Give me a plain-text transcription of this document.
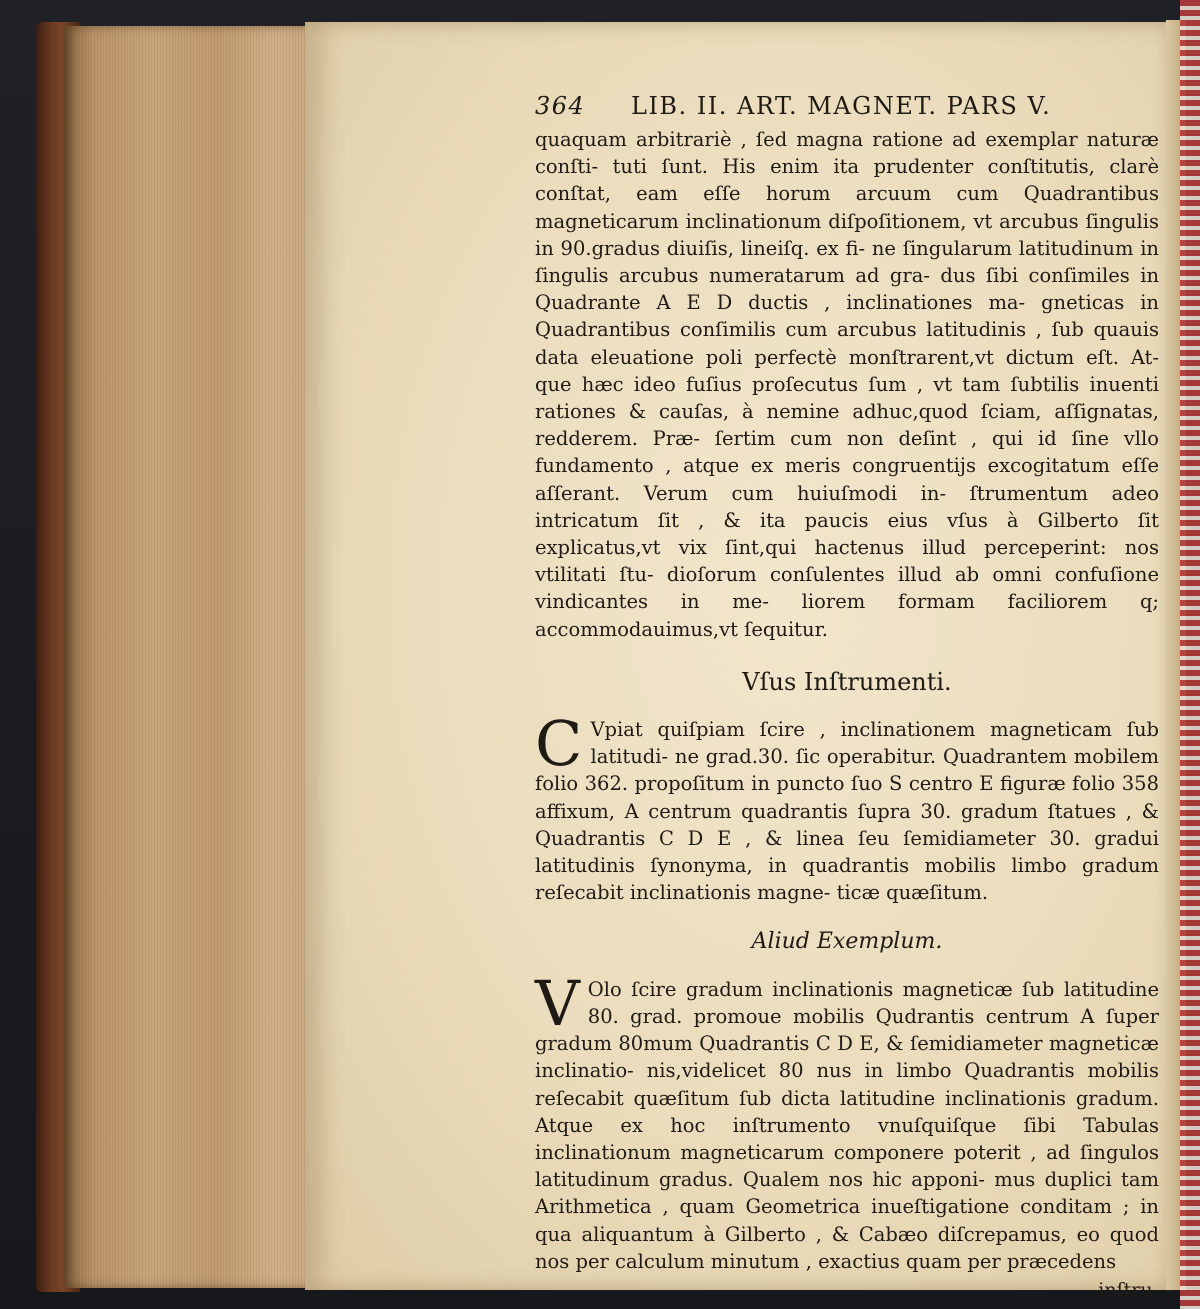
364 LIB. II. ART. MAGNET. PARS V.

quaquam arbitrariè , ſed magna ratione ad exemplar naturæ conſti- tuti ſunt. His enim ita prudenter conſtitutis, clarè conſtat, eam eſſe horum arcuum cum Quadrantibus magneticarum inclinationum diſpoſitionem, vt arcubus ſingulis in 90.gradus diuiſis, lineiſq. ex fi- ne ſingularum latitudinum in ſingulis arcubus numeratarum ad gra- dus ſibi conſimiles in Quadrante A E D ductis , inclinationes ma- gneticas in Quadrantibus conſimilis cum arcubus latitudinis , ſub quauis data eleuatione poli perfectè monſtrarent,vt dictum eſt. At- que hæc ideo fuſius proſecutus ſum , vt tam ſubtilis inuenti rationes & cauſas, à nemine adhuc,quod ſciam, aſſignatas, redderem. Præ- ſertim cum non deſint , qui id ſine vllo fundamento , atque ex meris congruentijs excogitatum eſſe aſſerant. Verum cum huiuſmodi in- ſtrumentum adeo intricatum ſit , & ita paucis eius vſus à Gilberto ſit explicatus,vt vix ſint,qui hactenus illud perceperint: nos vtilitati ſtu- dioſorum conſulentes illud ab omni confuſione vindicantes in me- liorem formam faciliorem q; accommodauimus,vt ſequitur.

Vſus Inſtrumenti.

C Vpiat quiſpiam ſcire , inclinationem magneticam ſub latitudi- ne grad.30. ſic operabitur. Quadrantem mobilem folio 362. propoſitum in puncto ſuo S centro E figuræ folio 358 affixum, A centrum quadrantis ſupra 30. gradum ſtatues , & Quadrantis C D E , & linea ſeu ſemidiameter 30. gradui latitudinis ſynonyma, in quadrantis mobilis limbo gradum reſecabit inclinationis magne- ticæ quæſitum.

Aliud Exemplum.

V Olo ſcire gradum inclinationis magneticæ ſub latitudine 80. grad. promoue mobilis Qudrantis centrum A ſuper gradum 80mum Quadrantis C D E, & ſemidiameter magneticæ inclinatio- nis,videlicet 80 nus in limbo Quadrantis mobilis reſecabit quæſitum ſub dicta latitudine inclinationis gradum. Atque ex hoc inſtrumento vnuſquiſque ſibi Tabulas inclinationum magneticarum componere poterit , ad ſingulos latitudinum gradus. Qualem nos hic apponi- mus duplici tam Arithmetica , quam Geometrica inueſtigatione conditam ; in qua aliquantum à Gilberto , & Cabæo diſcrepamus, eo quod nos per calculum minutum , exactius quam per præcedens

inſtru-
